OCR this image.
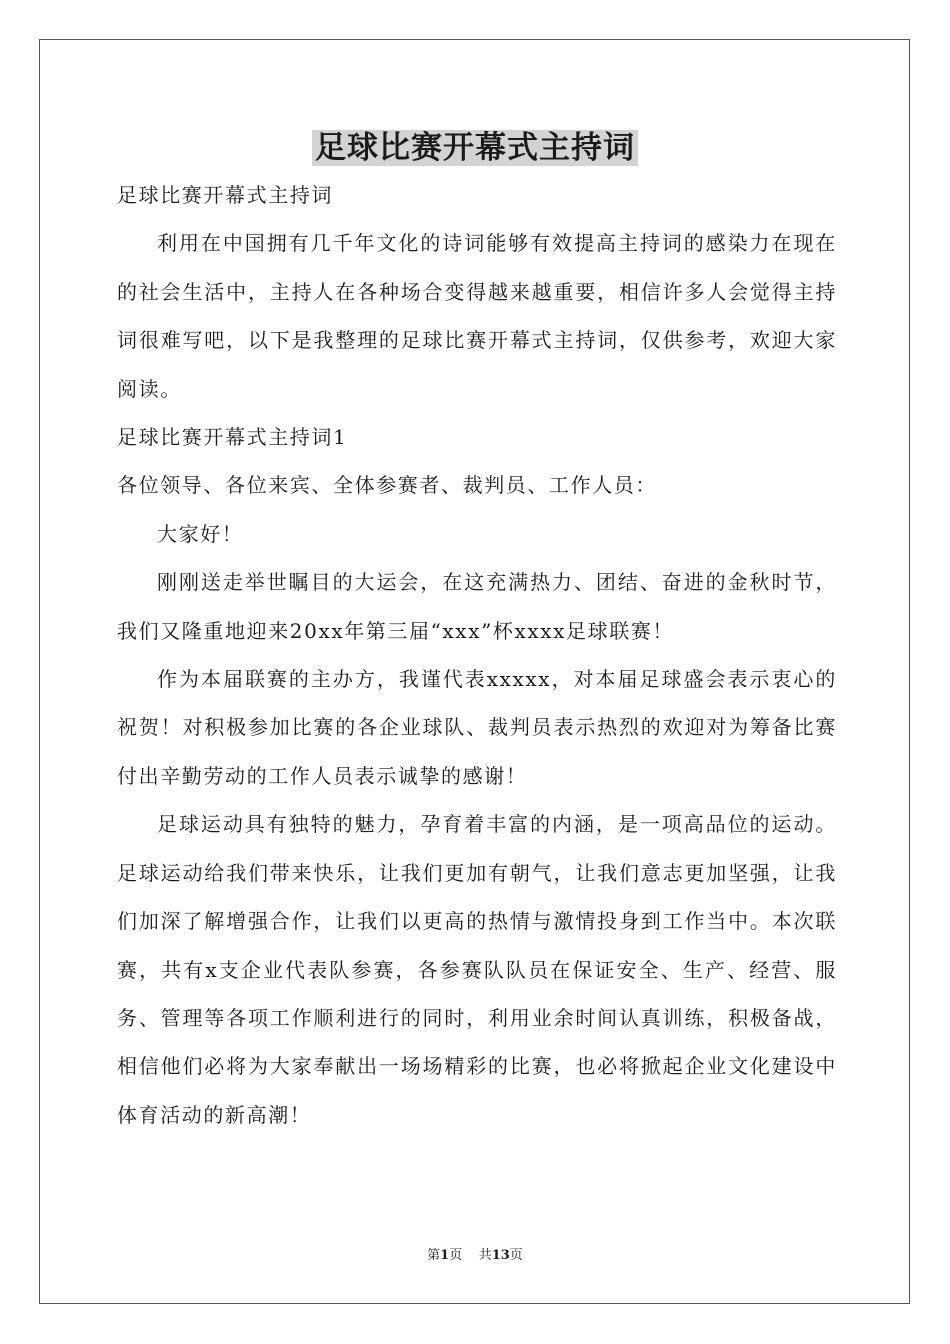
足球比赛开幕式主持词

足球比赛开幕式主持词

利用在中国拥有几千年文化的诗词能够有效提高主持词的感染力在现在的社会生活中，主持人在各种场合变得越来越重要，相信许多人会觉得主持词很难写吧，以下是我整理的足球比赛开幕式主持词，仅供参考，欢迎大家阅读。

足球比赛开幕式主持词1

各位领导、各位来宾、全体参赛者、裁判员、工作人员：

大家好！

刚刚送走举世瞩目的大运会，在这充满热力、团结、奋进的金秋时节，我们又隆重地迎来20xx年第三届“xxx”杯xxxx足球联赛！

作为本届联赛的主办方，我谨代表xxxxx，对本届足球盛会表示衷心的祝贺！对积极参加比赛的各企业球队、裁判员表示热烈的欢迎对为筹备比赛付出辛勤劳动的工作人员表示诚挚的感谢！

足球运动具有独特的魅力，孕育着丰富的内涵，是一项高品位的运动。足球运动给我们带来快乐，让我们更加有朝气，让我们意志更加坚强，让我们加深了解增强合作，让我们以更高的热情与激情投身到工作当中。本次联赛，共有x支企业代表队参赛，各参赛队队员在保证安全、生产、经营、服务、管理等各项工作顺利进行的同时，利用业余时间认真训练，积极备战，相信他们必将为大家奉献出一场场精彩的比赛，也必将掀起企业文化建设中体育活动的新高潮！

第1页 共13页
